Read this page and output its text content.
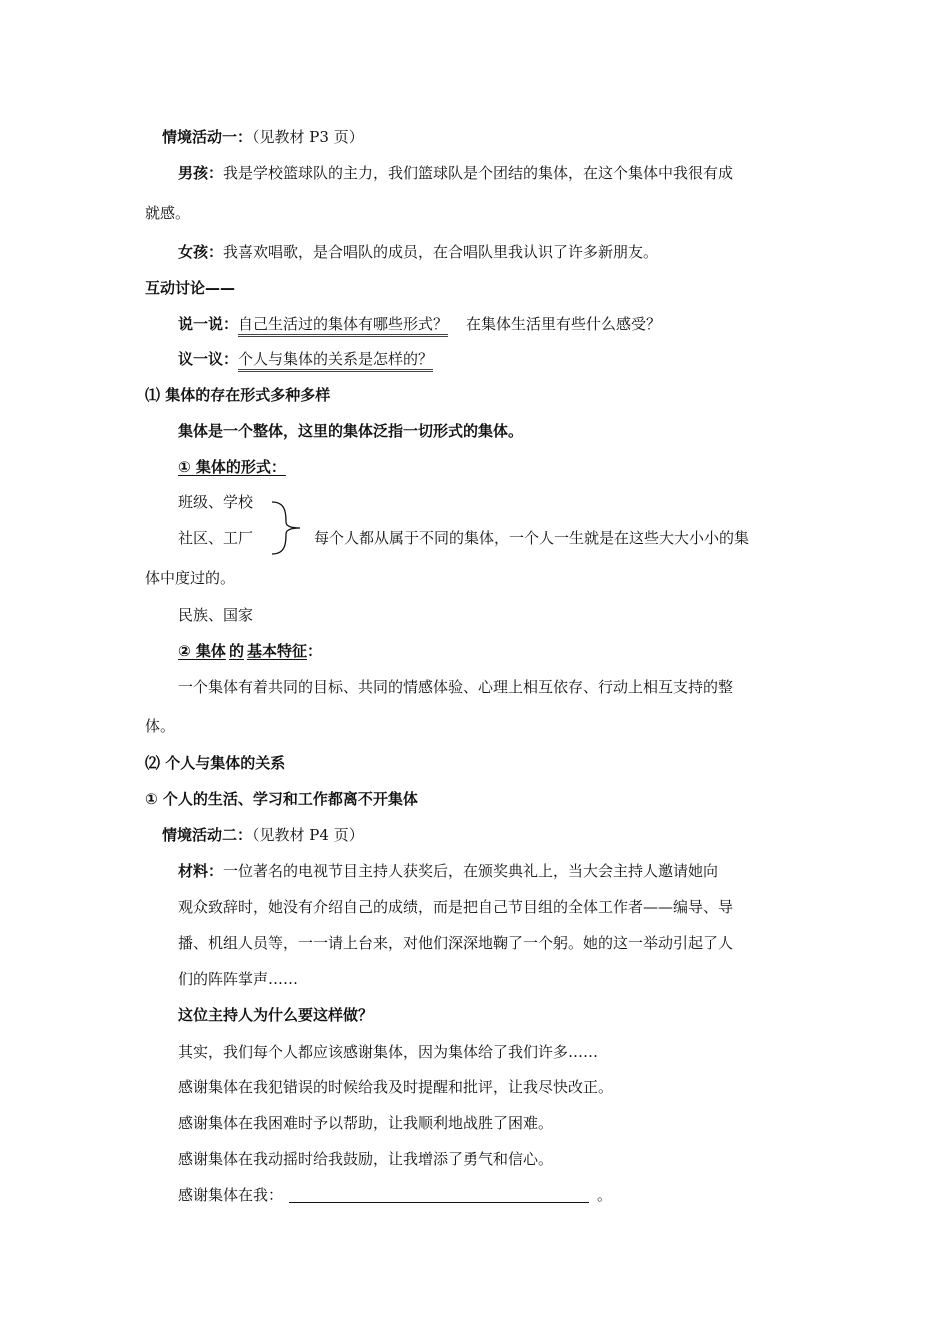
情境活动一：（见教材 P3 页）
男孩：我是学校篮球队的主力，我们篮球队是个团结的集体，在这个集体中我很有成
就感。
女孩：我喜欢唱歌，是合唱队的成员，在合唱队里我认识了许多新朋友。
互动讨论——
说一说：自己生活过的集体有哪些形式？ 在集体生活里有些什么感受？
议一议：个人与集体的关系是怎样的？
⑴ 集体的存在形式多种多样
集体是一个整体，这里的集体泛指一切形式的集体。
① 集体的形式：
班级、学校
社区、工厂	每个人都从属于不同的集体，一个人一生就是在这些大大小小的集
体中度过的。
民族、国家
② 集体 的 基本特征：
一个集体有着共同的目标、共同的情感体验、心理上相互依存、行动上相互支持的整
体。
⑵ 个人与集体的关系
① 个人的生活、学习和工作都离不开集体
情境活动二：（见教材 P4 页）
材料：一位著名的电视节目主持人获奖后，在颁奖典礼上，当大会主持人邀请她向
观众致辞时，她没有介绍自己的成绩，而是把自己节目组的全体工作者——编导、导
播、机组人员等，一一请上台来，对他们深深地鞠了一个躬。她的这一举动引起了人
们的阵阵掌声……
这位主持人为什么要这样做？
其实，我们每个人都应该感谢集体，因为集体给了我们许多……
感谢集体在我犯错误的时候给我及时提醒和批评，让我尽快改正。
感谢集体在我困难时予以帮助，让我顺利地战胜了困难。
感谢集体在我动摇时给我鼓励，让我增添了勇气和信心。
感谢集体在我：	。
